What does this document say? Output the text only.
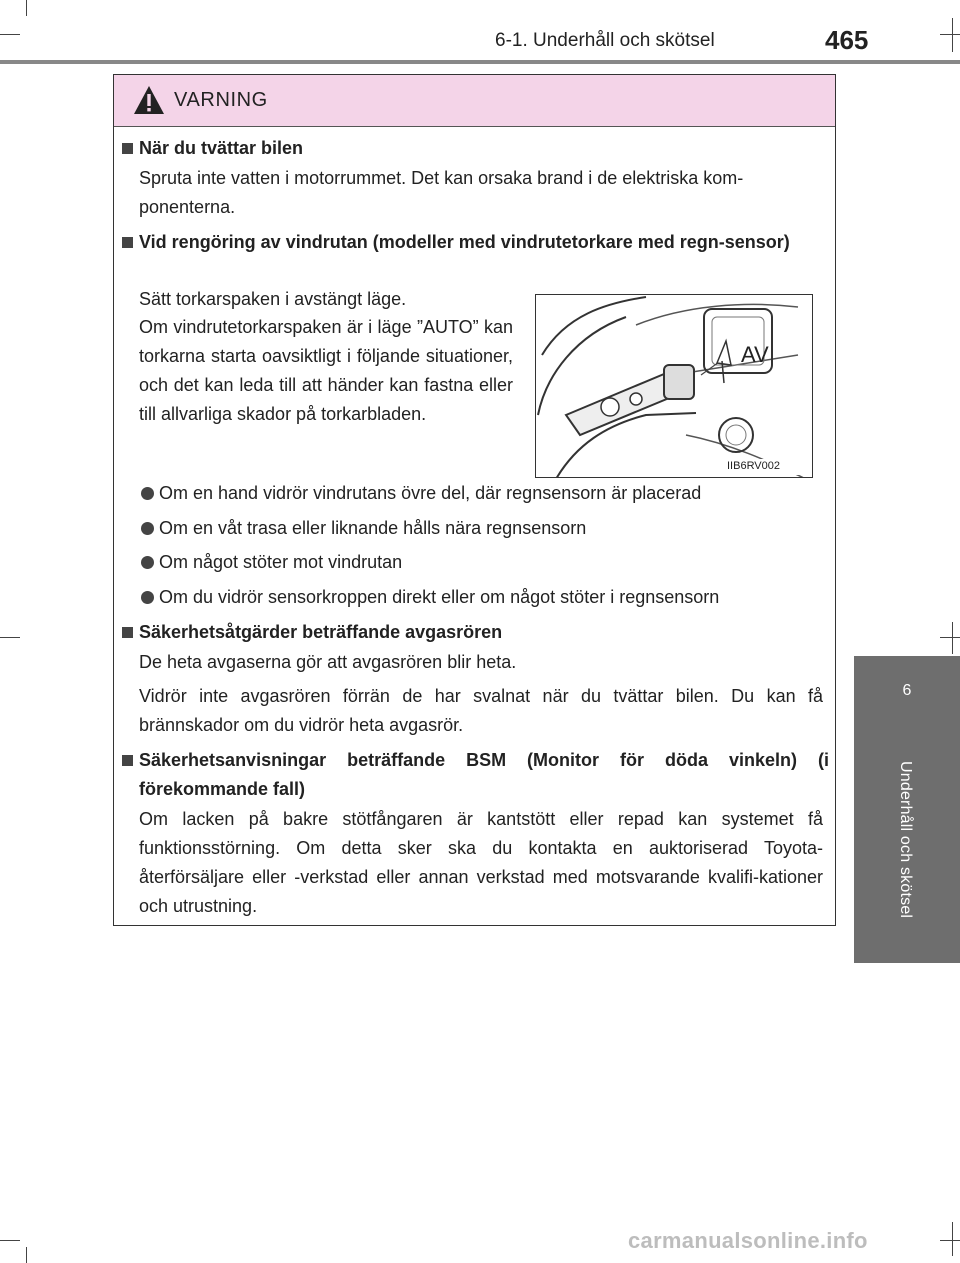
6-1. Underhåll och skötsel	465
6
Underhåll och skötsel
VARNING
När du tvättar bilen
Spruta inte vatten i motorrummet. Det kan orsaka brand i de elektriska kom-ponenterna.
Vid rengöring av vindrutan (modeller med vindrutetorkare med regn-sensor)
Sätt torkarspaken i avstängt läge.
Om vindrutetorkarspaken är i läge ”AUTO” kan torkarna starta oavsiktligt i följande situationer, och det kan leda till att händer kan fastna eller till allvarliga skador på torkarbladen.
AV
IIB6RV002
Om en hand vidrör vindrutans övre del, där regnsensorn är placerad
Om en våt trasa eller liknande hålls nära regnsensorn
Om något stöter mot vindrutan
Om du vidrör sensorkroppen direkt eller om något stöter i regnsensorn
Säkerhetsåtgärder beträffande avgasrören
De heta avgaserna gör att avgasrören blir heta.
Vidrör inte avgasrören förrän de har svalnat när du tvättar bilen. Du kan få brännskador om du vidrör heta avgasrör.
Säkerhetsanvisningar beträffande BSM (Monitor för döda vinkeln) (i förekommande fall)
Om lacken på bakre stötfångaren är kantstött eller repad kan systemet få funktionsstörning. Om detta sker ska du kontakta en auktoriserad Toyota-återförsäljare eller -verkstad eller annan verkstad med motsvarande kvalifi-kationer och utrustning.
carmanualsonline.info
